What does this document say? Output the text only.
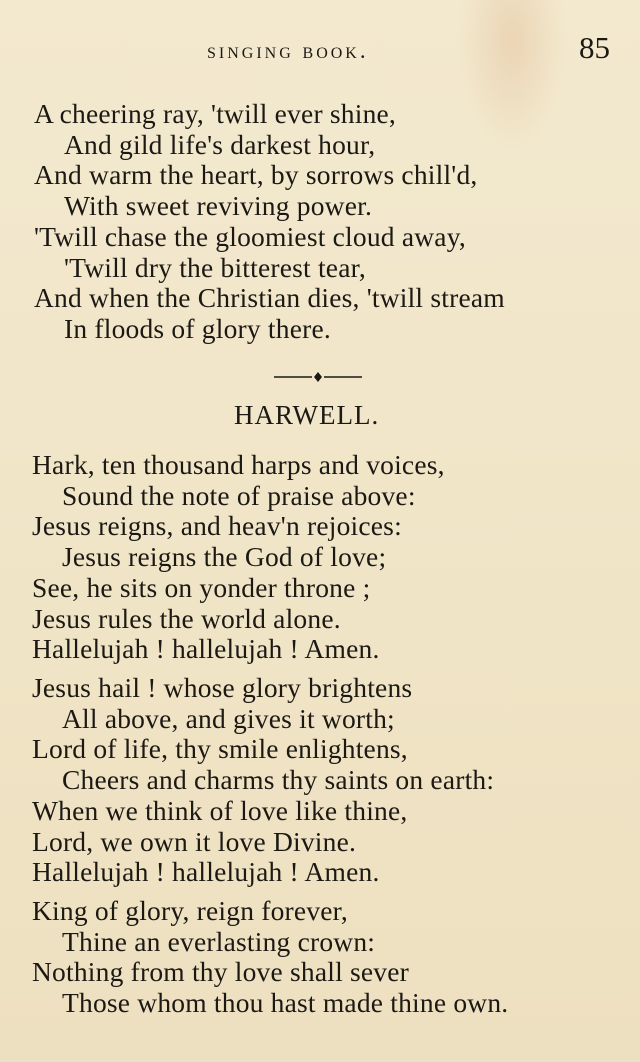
singing book.	85
A cheering ray, 'twill ever shine,
And gild life's darkest hour,
And warm the heart, by sorrows chill'd,
With sweet reviving power.
'Twill chase the gloomiest cloud away,
'Twill dry the bitterest tear,
And when the Christian dies, 'twill stream
In floods of glory there.
HARWELL.
Hark, ten thousand harps and voices,
Sound the note of praise above:
Jesus reigns, and heav'n rejoices:
Jesus reigns the God of love;
See, he sits on yonder throne ;
Jesus rules the world alone.
Hallelujah ! hallelujah ! Amen.
Jesus hail ! whose glory brightens
All above, and gives it worth;
Lord of life, thy smile enlightens,
Cheers and charms thy saints on earth:
When we think of love like thine,
Lord, we own it love Divine.
Hallelujah ! hallelujah ! Amen.
King of glory, reign forever,
Thine an everlasting crown:
Nothing from thy love shall sever
Those whom thou hast made thine own.
